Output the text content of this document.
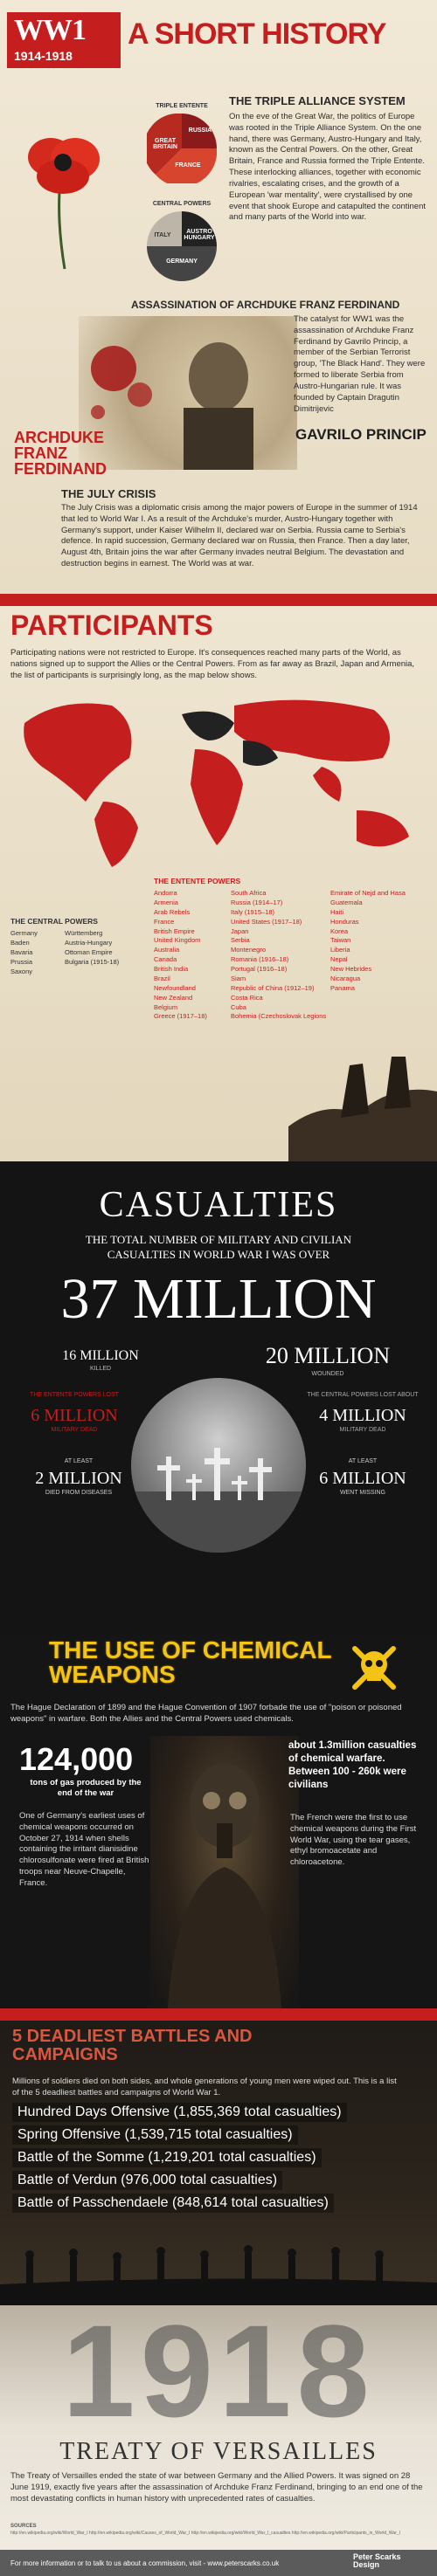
WW1
1914-1918
A SHORT HISTORY
TRIPLE ENTENTE
GREAT BRITAIN
RUSSIA
FRANCE
CENTRAL POWERS
ITALY
AUSTRO HUNGARY
GERMANY
THE TRIPLE ALLIANCE SYSTEM
On the eve of the Great War, the politics of Europe was rooted in the Triple Alliance System. On the one hand, there was Germany, Austro-Hungary and Italy, known as the Central Powers. On the other, Great Britain, France and Russia formed the Triple Entente. These interlocking alliances, together with economic rivalries, escalating crises, and the growth of a European 'war mentality', were crystallised by one event that shook Europe and catapulted the continent and many parts of the World into war.
ASSASSINATION OF ARCHDUKE FRANZ FERDINAND
ARCHDUKE FRANZ FERDINAND
The catalyst for WW1 was the assassination of Archduke Franz Ferdinand by Gavrilo Princip, a member of the Serbian Terrorist group, 'The Black Hand'. They were formed to liberate Serbia from Austro-Hungarian rule. It was founded by Captain Dragutin Dimitrijevic
GAVRILO PRINCIP
THE JULY CRISIS
The July Crisis was a diplomatic crisis among the major powers of Europe in the summer of 1914 that led to World War I. As a result of the Archduke's murder, Austro-Hungary together with Germany's support, under Kaiser Wilhelm II, declared war on Serbia. Russia came to Serbia's defence. In rapid succession, Germany declared war on Russia, then France. Then a day later, August 4th, Britain joins the war after Germany invades neutral Belgium. The devastation and destruction begins in earnest. The World was at war.
PARTICIPANTS
Participating nations were not restricted to Europe. It's consequences reached many parts of the World, as nations signed up to support the Allies or the Central Powers. From as far away as Brazil, Japan and Armenia, the list of participants is surprisingly long, as the map below shows.
THE ENTENTE POWERS
Andorra
Armenia
Arab Rebels
France
British Empire
United Kingdom
Australia
Canada
British India
Brazil
Newfoundland
New Zealand
Belgium
Greece (1917–18)
South Africa
Russia (1914–17)
Italy (1915–18)
United States (1917–18)
Japan
Serbia
Montenegro
Romania (1916–18)
Portugal (1916–18)
Siam
Republic of China (1912–19)
Costa Rica
Cuba
Bohemia (Czechoslovak Legions
Emirate of Nejd and Hasa
Guatemala
Haiti
Honduras
Korea
Taiwan
Liberia
Nepal
New Hebrides
Nicaragua
Panama
THE CENTRAL POWERS
Germany
Baden
Bavaria
Prussia
Saxony
Württemberg
Austria-Hungary
Ottoman Empire
Bulgaria (1915-18)
CASUALTIES
THE TOTAL NUMBER OF MILITARY AND CIVILIAN CASUALTIES IN WORLD WAR I WAS OVER
37 MILLION
16 MILLION
KILLED
20 MILLION
WOUNDED
THE ENTENTE POWERS LOST
6 MILLION
MILITARY DEAD
THE CENTRAL POWERS LOST ABOUT
4 MILLION
MILITARY DEAD
AT LEAST
2 MILLION
DIED FROM DISEASES
AT LEAST
6 MILLION
WENT MISSING
THE USE OF CHEMICAL WEAPONS
The Hague Declaration of 1899 and the Hague Convention of 1907 forbade the use of "poison or poisoned weapons" in warfare. Both the Allies and the Central Powers used chemicals.
124,000
tons of gas produced by the end of the war
about 1.3million casualties of chemical warfare. Between 100 - 260k were civilians
One of Germany's earliest uses of chemical weapons occurred on October 27, 1914 when shells containing the irritant dianisidine chlorosulfonate were fired at British troops near Neuve-Chapelle, France.
The French were the first to use chemical weapons during the First World War, using the tear gases, ethyl bromoacetate and chloroacetone.
5 DEADLIEST BATTLES AND CAMPAIGNS
Millions of soldiers died on both sides, and whole generations of young men were wiped out. This is a list of the 5 deadliest battles and campaigns of World War 1.
Hundred Days Offensive (1,855,369 total casualties)
Spring Offensive (1,539,715 total casualties)
Battle of the Somme (1,219,201 total casualties)
Battle of Verdun (976,000 total casualties)
Battle of Passchendaele (848,614 total casualties)
1918
TREATY OF VERSAILLES
The Treaty of Versailles ended the state of war between Germany and the Allied Powers. It was signed on 28 June 1919, exactly five years after the assassination of Archduke Franz Ferdinand, bringing to an end one of the most devastating conflicts in human history with unprecedented rates of casualties.
SOURCES
http://en.wikipedia.org/wiki/World_War_I http://en.wikipedia.org/wiki/Causes_of_World_War_I http://en.wikipedia.org/wiki/World_War_I_casualties http://en.wikipedia.org/wiki/Participants_in_World_War_I
For more information or to talk to us about a commission, visit - www.peterscarks.co.uk
Peter Scarks Design
